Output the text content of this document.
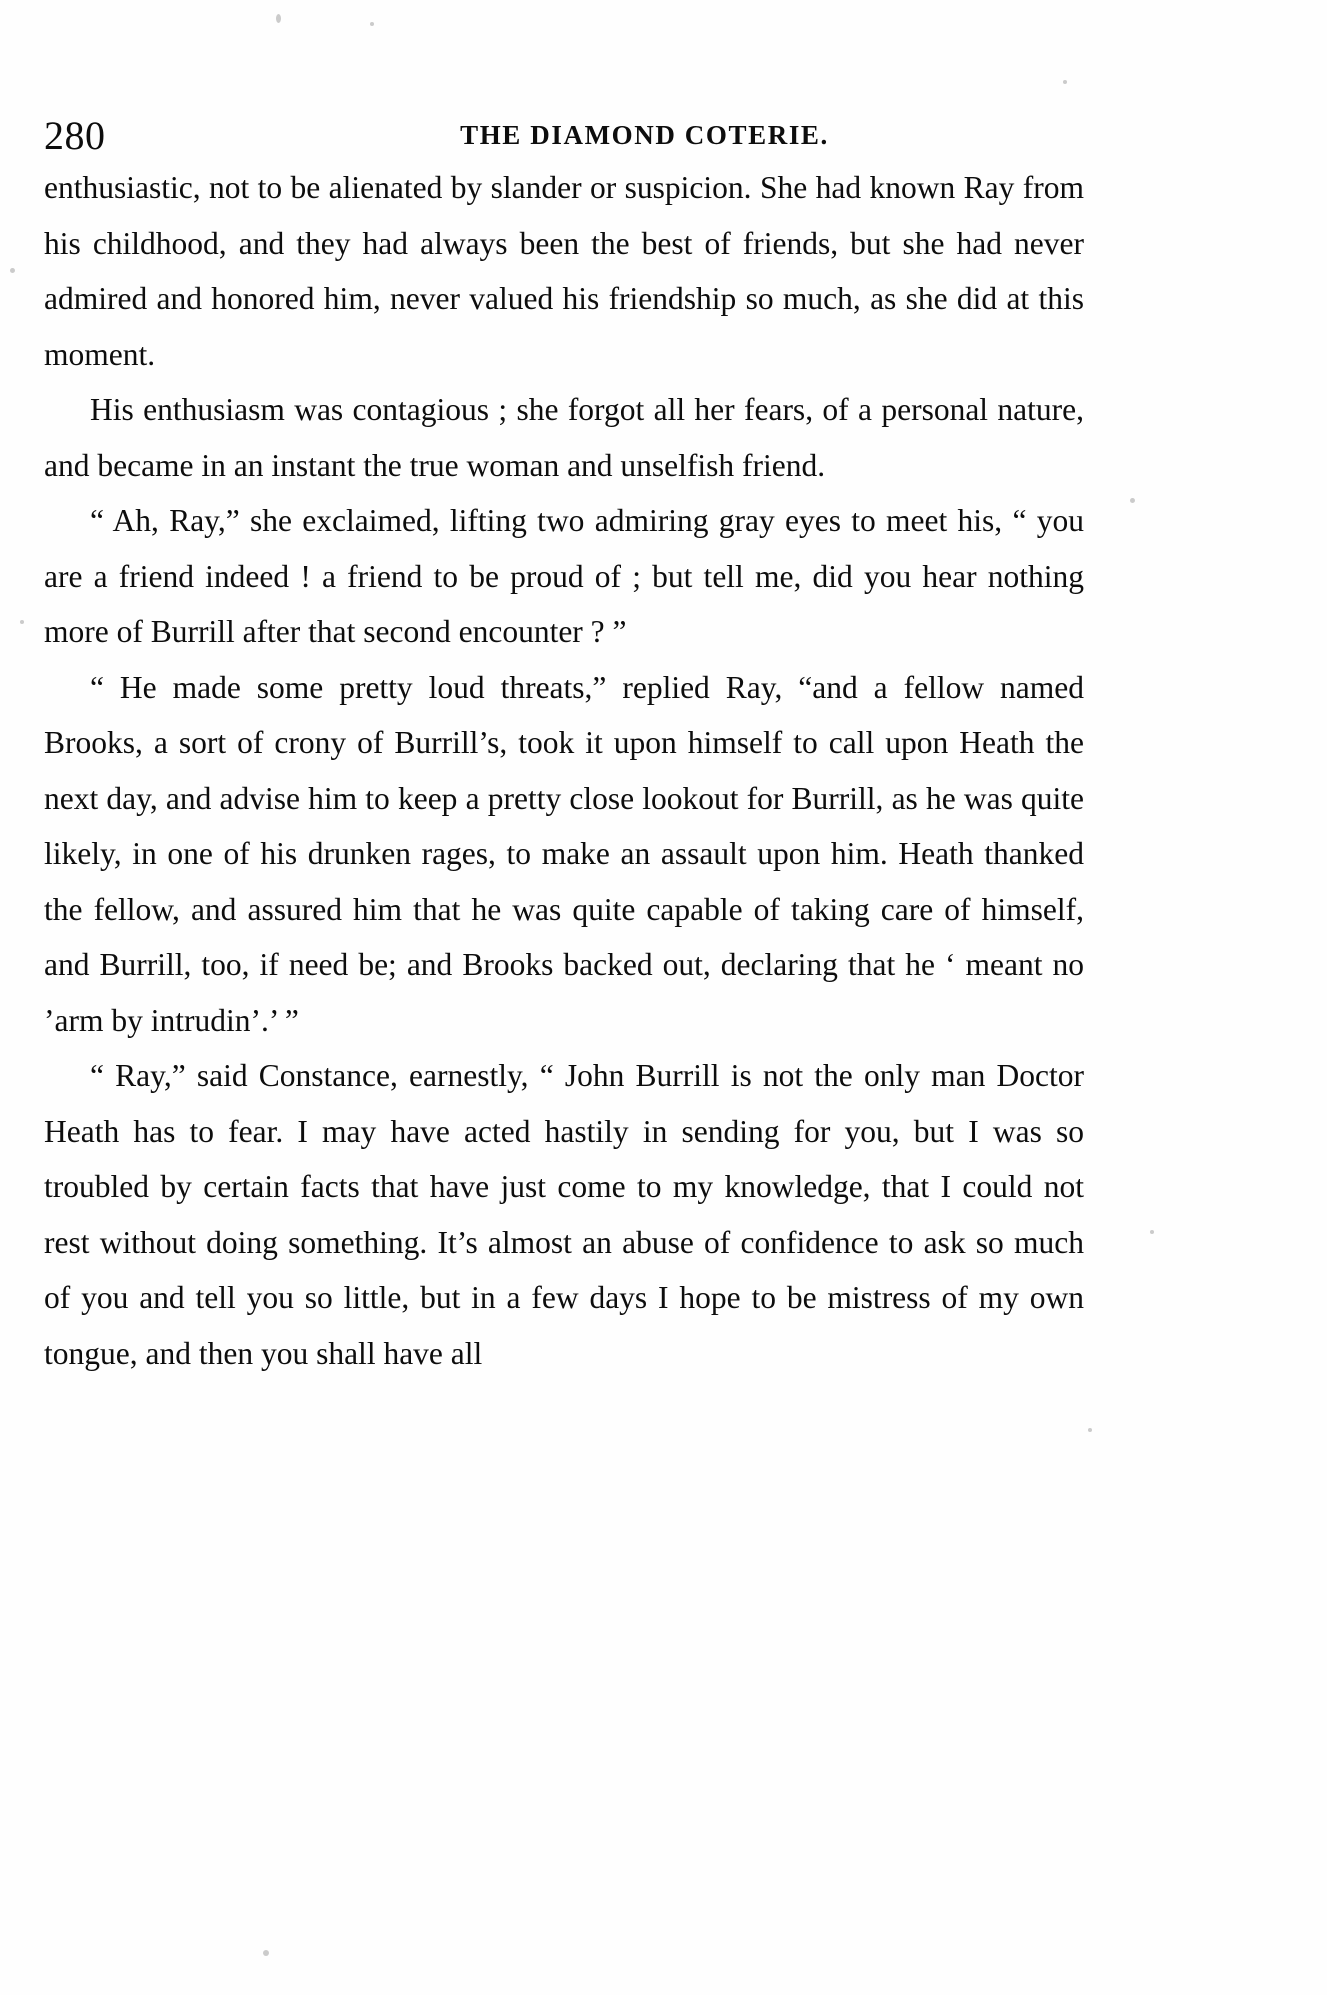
280	THE DIAMOND COTERIE.

enthusiastic, not to be alienated by slander or suspicion. She had known Ray from his childhood, and they had always been the best of friends, but she had never admired and honored him, never valued his friendship so much, as she did at this moment.

His enthusiasm was contagious ; she forgot all her fears, of a personal nature, and became in an instant the true woman and unselfish friend.

“ Ah, Ray,” she exclaimed, lifting two admiring gray eyes to meet his, “ you are a friend indeed ! a friend to be proud of ; but tell me, did you hear nothing more of Burrill after that second encounter ? ”

“ He made some pretty loud threats,” replied Ray, “and a fellow named Brooks, a sort of crony of Burrill’s, took it upon himself to call upon Heath the next day, and advise him to keep a pretty close lookout for Burrill, as he was quite likely, in one of his drunken rages, to make an assault upon him. Heath thanked the fellow, and assured him that he was quite capable of taking care of himself, and Burrill, too, if need be; and Brooks backed out, declaring that he ‘ meant no ’arm by intrudin’.’ ”

“ Ray,” said Constance, earnestly, “ John Burrill is not the only man Doctor Heath has to fear. I may have acted hastily in sending for you, but I was so troubled by certain facts that have just come to my knowledge, that I could not rest without doing something. It’s almost an abuse of confidence to ask so much of you and tell you so little, but in a few days I hope to be mistress of my own tongue, and then you shall have all
